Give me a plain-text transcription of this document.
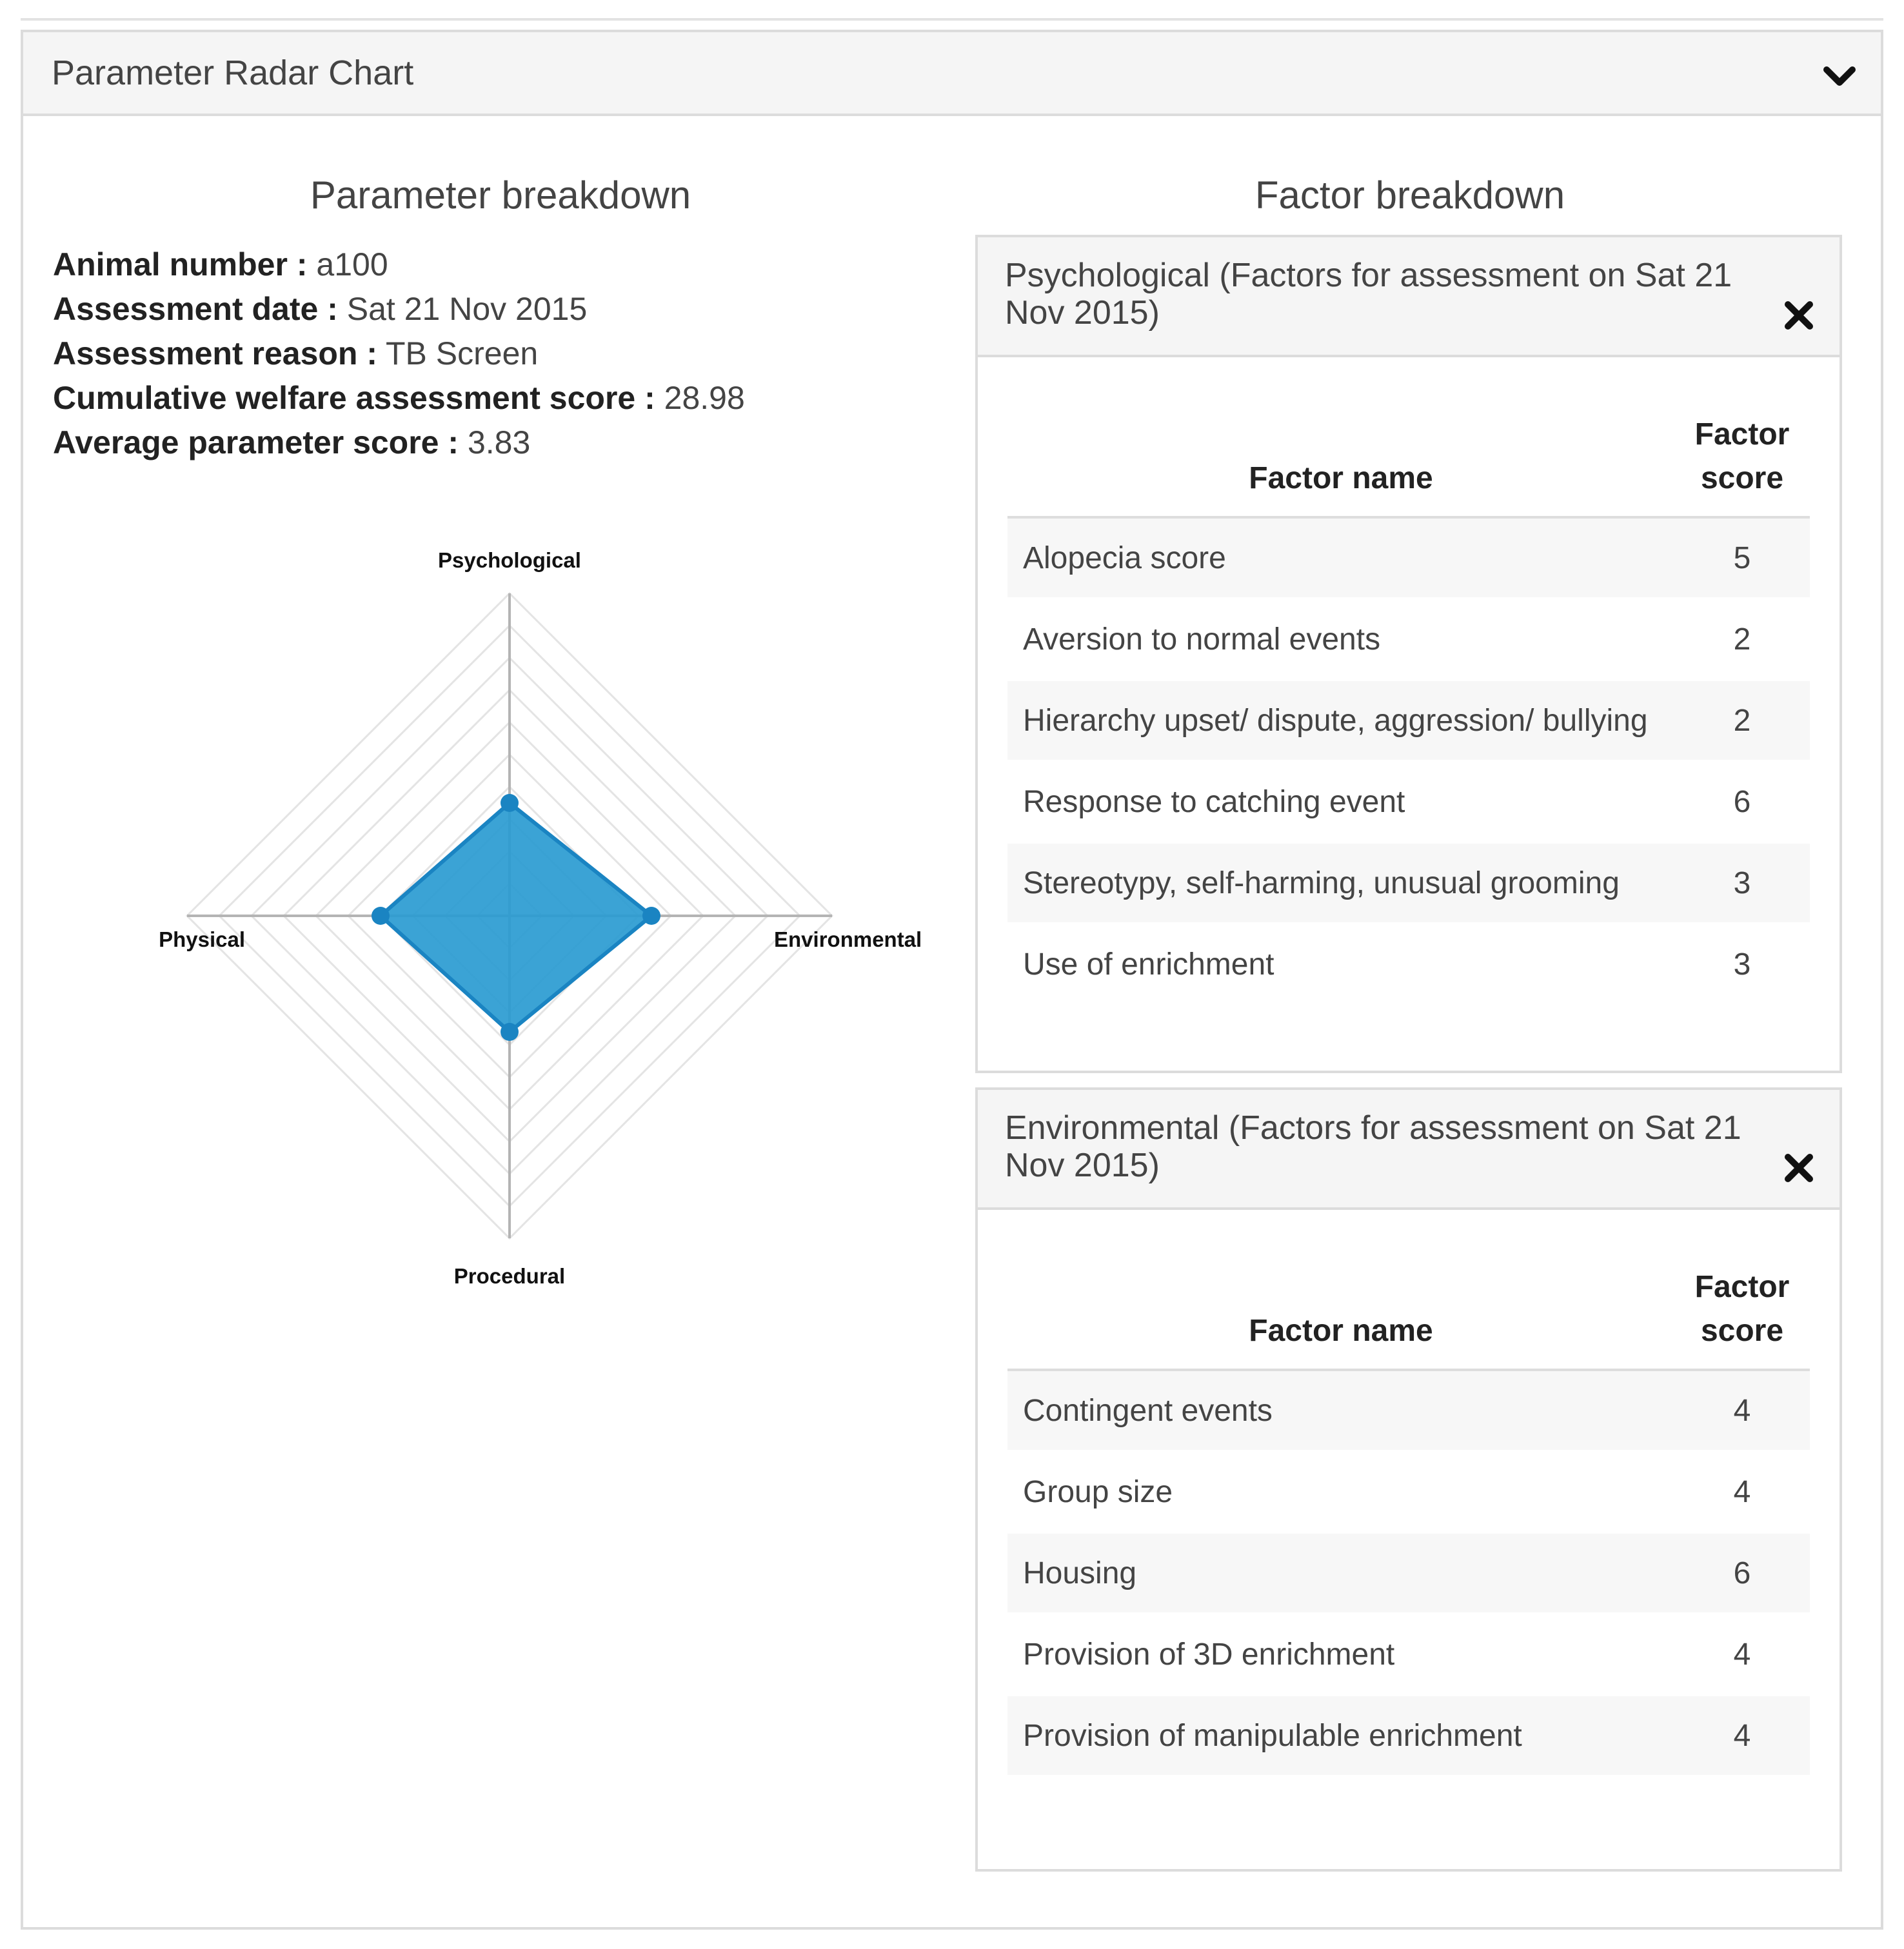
Parameter Radar Chart
Parameter breakdown
Animal number : a100
Assessment date : Sat 21 Nov 2015
Assessment reason : TB Screen
Cumulative welfare assessment score : 28.98
Average parameter score : 3.83
Psychological
Environmental
Procedural
Physical
Factor breakdown
Psychological (Factors for assessment on Sat 21 Nov 2015)
Factor name	Factor
score
Alopecia score	5
Aversion to normal events	2
Hierarchy upset/ dispute, aggression/ bullying	2
Response to catching event	6
Stereotypy, self-harming, unusual grooming	3
Use of enrichment	3
Environmental (Factors for assessment on Sat 21 Nov 2015)
Factor name	Factor
score
Contingent events	4
Group size	4
Housing	6
Provision of 3D enrichment	4
Provision of manipulable enrichment	4
